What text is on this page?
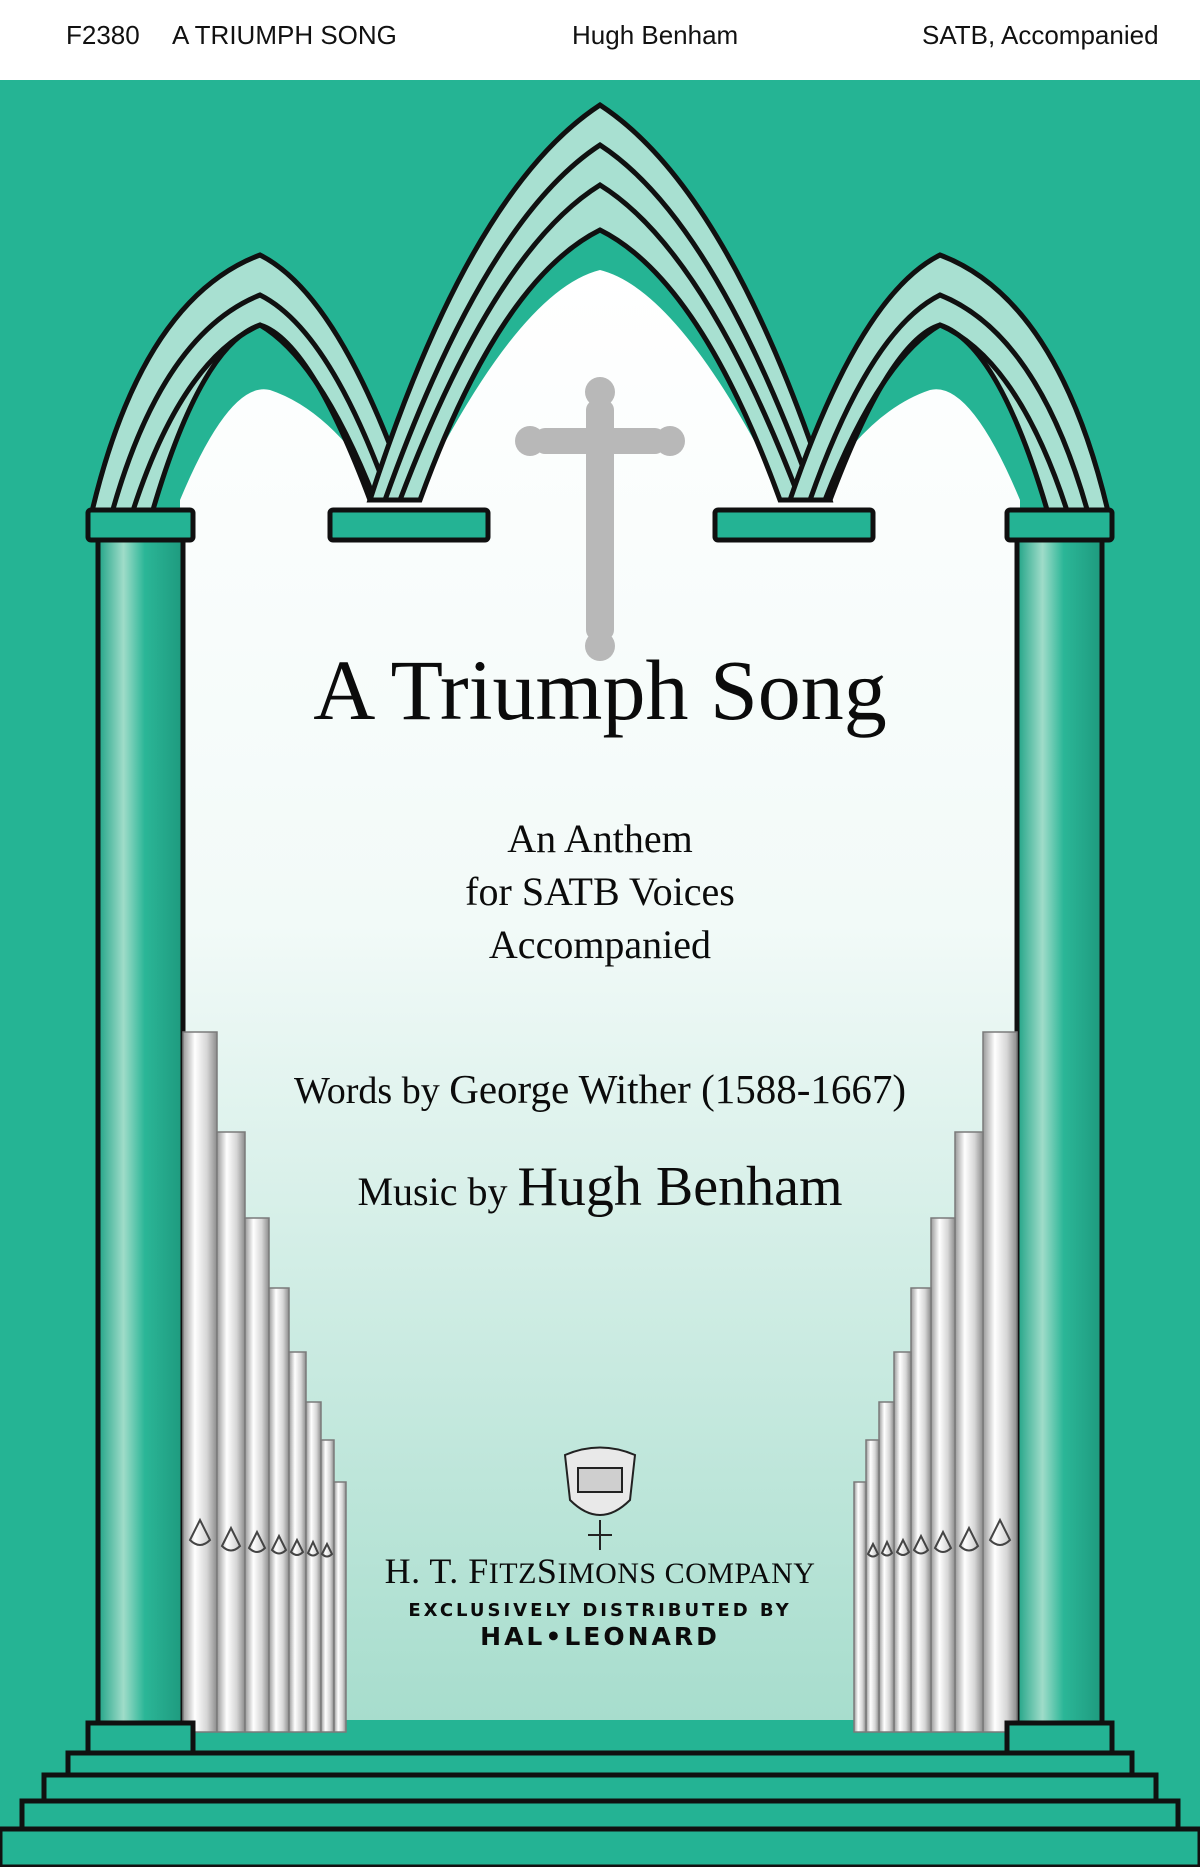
F2380 A TRIUMPH SONG	Hugh Benham	SATB, Accompanied
A Triumph Song
An Anthem
for SATB Voices
Accompanied
Words by George Wither (1588-1667)
Music by Hugh Benham
H. T. FITZSIMONS COMPANY
EXCLUSIVELY DISTRIBUTED BY
HAL•LEONARD
